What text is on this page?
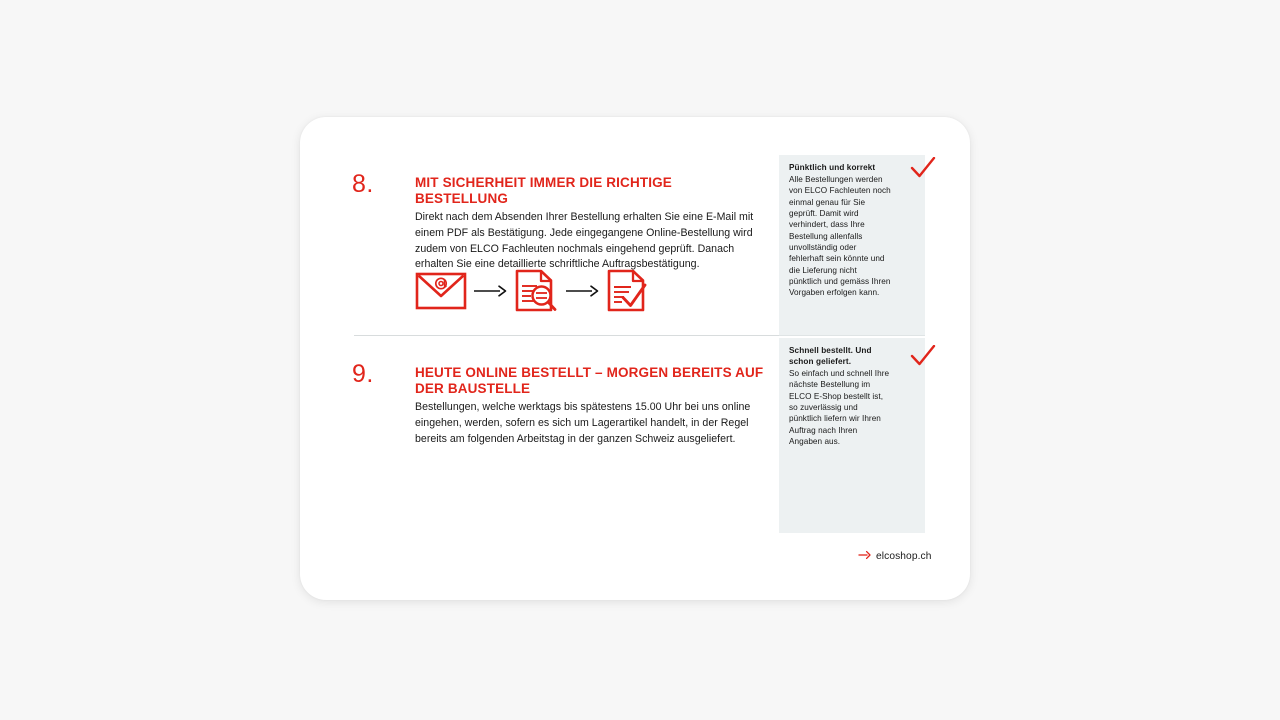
Pünktlich und korrekt

Alle Bestellungen werden von ELCO Fachleuten noch einmal genau für Sie geprüft. Damit wird verhindert, dass Ihre Bestellung allenfalls unvollständig oder fehlerhaft sein könnte und die Lieferung nicht pünktlich und gemäss Ihren Vorgaben erfolgen kann.

Schnell bestellt. Und schon geliefert.

So einfach und schnell Ihre nächste Bestellung im ELCO E-Shop bestellt ist, so zuverlässig und pünktlich liefern wir Ihren Auftrag nach Ihren Angaben aus.

8.	MIT SICHERHEIT IMMER DIE RICHTIGE BESTELLUNG

Direkt nach dem Absenden Ihrer Bestellung erhalten Sie eine E-Mail mit einem PDF als Bestätigung. Jede eingegangene Online-Bestellung wird zudem von ELCO Fachleuten nochmals eingehend geprüft. Danach erhalten Sie eine detaillierte schriftliche Auftragsbestätigung.

9.	HEUTE ONLINE BESTELLT – MORGEN BEREITS AUF DER BAUSTELLE

Bestellungen, welche werktags bis spätestens 15.00 Uhr bei uns online eingehen, werden, sofern es sich um Lagerartikel handelt, in der Regel bereits am folgenden Arbeitstag in der ganzen Schweiz ausgeliefert.

elcoshop.ch
